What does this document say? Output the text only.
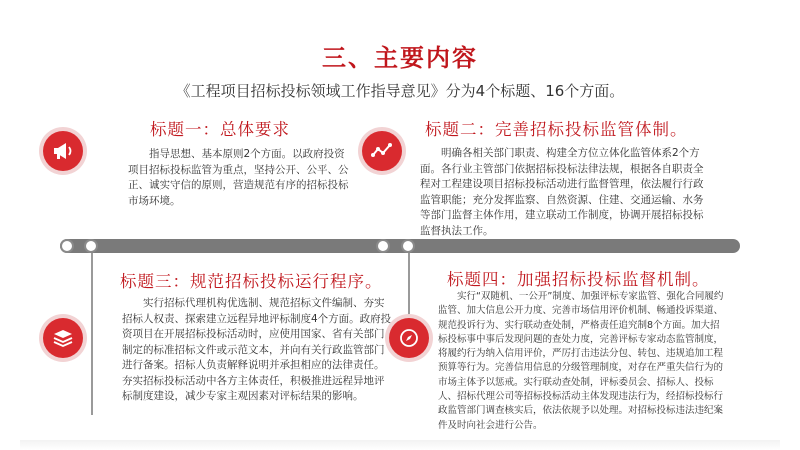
三、主要内容
《工程项目招标投标领域工作指导意见》分为4个标题、16个方面。
标题一：总体要求
指导思想、基本原则2个方面。以政府投资项目招标投标监管为重点，坚持公开、公平、公正、诚实守信的原则，营造规范有序的招标投标市场环境。
标题二：完善招标投标监管体制。
明确各相关部门职责、构建全方位立体化监管体系2个方面。各行业主管部门依据招标投标法律法规，根据各自职责全程对工程建设项目招标投标活动进行监督管理，依法履行行政监管职能；充分发挥监察、自然资源、住建、交通运输、水务等部门监督主体作用，建立联动工作制度，协调开展招标投标监督执法工作。
标题三：规范招标投标运行程序。
实行招标代理机构优选制、规范招标文件编制、夯实招标人权责、探索建立远程异地评标制度4个方面。政府投资项目在开展招标投标活动时，应使用国家、省有关部门制定的标准招标文件或示范文本，并向有关行政监管部门进行备案。招标人负责解释说明并承担相应的法律责任。夯实招标投标活动中各方主体责任，积极推进远程异地评标制度建设，减少专家主观因素对评标结果的影响。
标题四：加强招标投标监督机制。
实行“双随机、一公开”制度、加强评标专家监管、强化合同履约监管、加大信息公开力度、完善市场信用评价机制、畅通投诉渠道、规范投诉行为、实行联动查处制，严格责任追究制8个方面。加大招标投标事中事后发现问题的查处力度，完善评标专家动态监管制度，将履约行为纳入信用评价，严厉打击违法分包、转包、违规追加工程预算等行为。完善信用信息的分级管理制度，对存在严重失信行为的市场主体予以惩戒。实行联动查处制，评标委员会、招标人、投标人、招标代理公司等招标投标活动主体发现违法行为，经招标投标行政监管部门调查核实后，依法依规予以处理。对招标投标违法违纪案件及时向社会进行公告。
